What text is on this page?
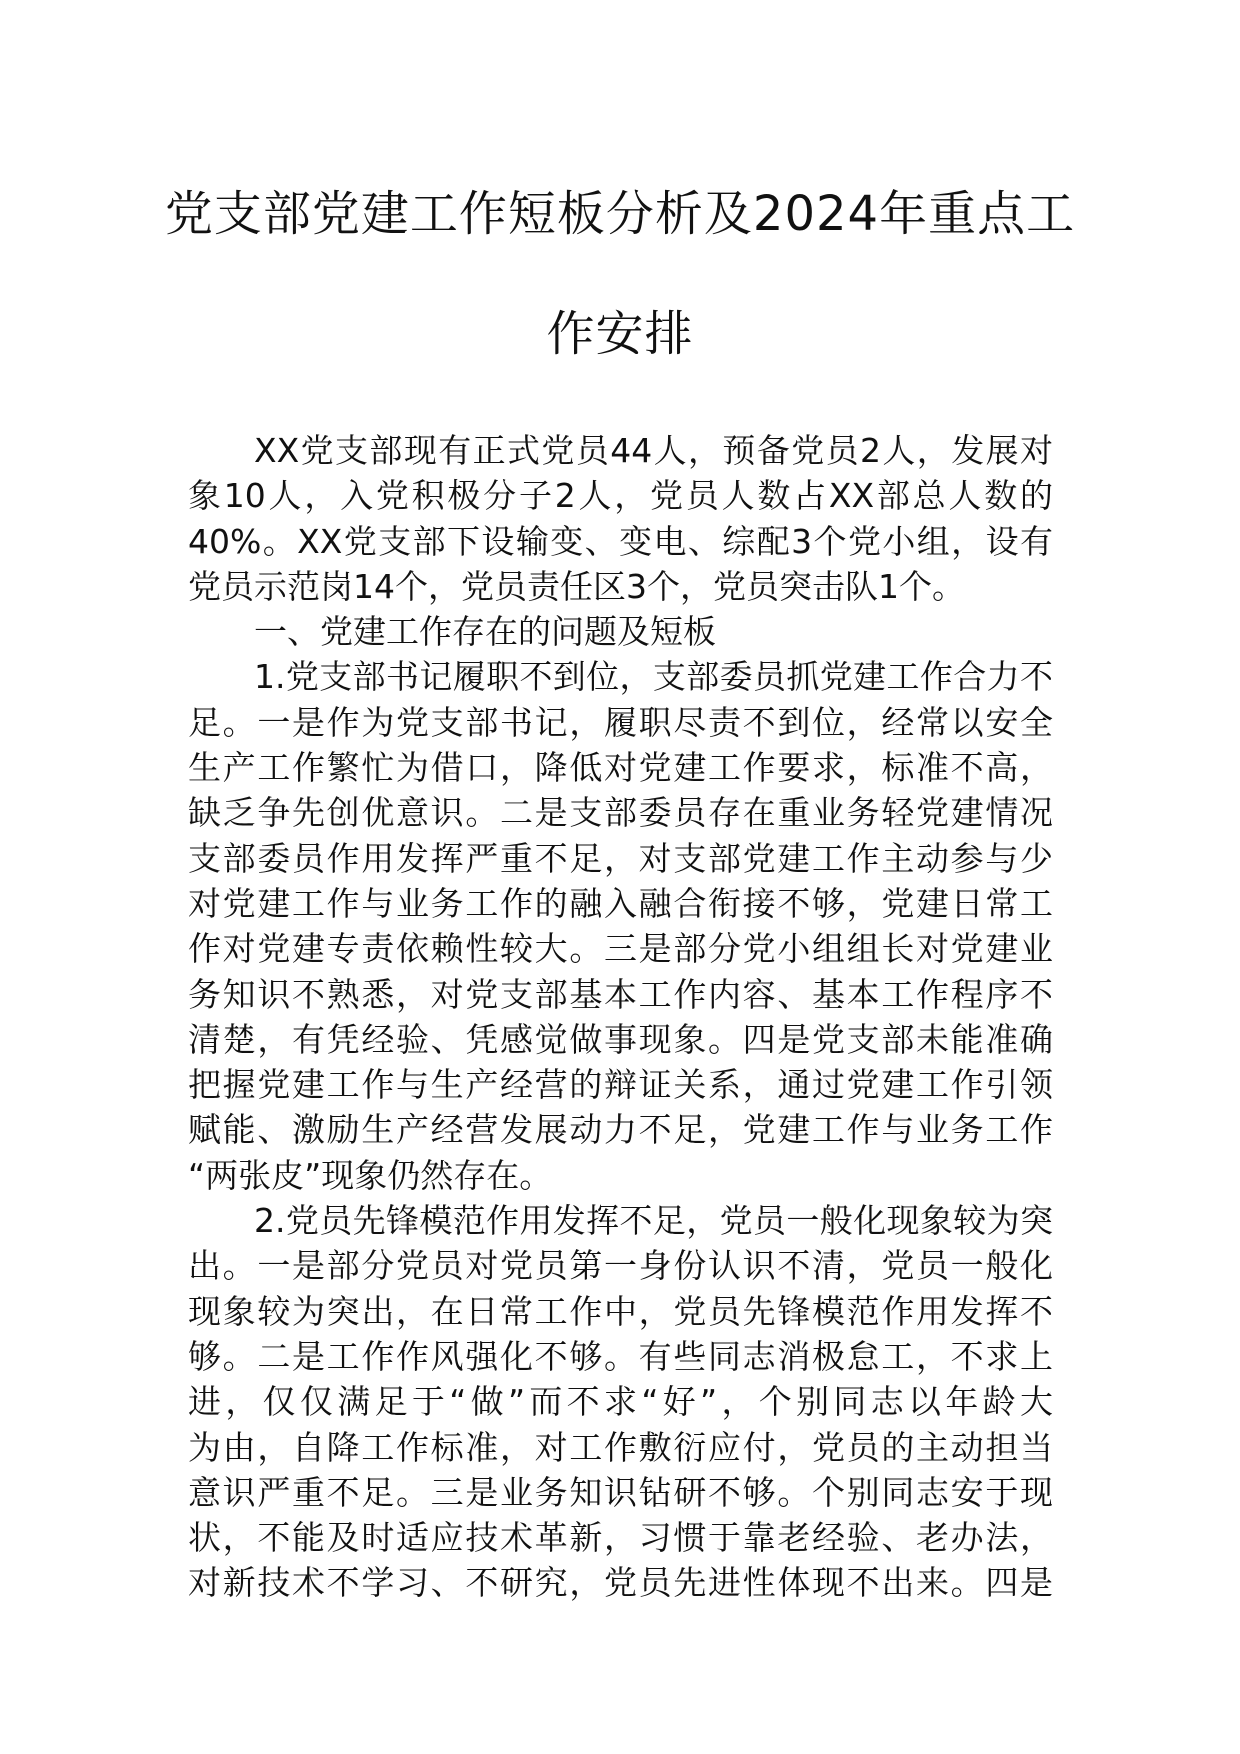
党支部党建工作短板分析及2024年重点工
作安排
XX党支部现有正式党员44人，预备党员2人，发展对
象10人，入党积极分子2人，党员人数占XX部总人数的
40%。XX党支部下设输变、变电、综配3个党小组，设有
党员示范岗14个，党员责任区3个，党员突击队1个。
一、党建工作存在的问题及短板
1.党支部书记履职不到位，支部委员抓党建工作合力不
足。一是作为党支部书记，履职尽责不到位，经常以安全
生产工作繁忙为借口，降低对党建工作要求，标准不高，
缺乏争先创优意识。二是支部委员存在重业务轻党建情况
支部委员作用发挥严重不足，对支部党建工作主动参与少
对党建工作与业务工作的融入融合衔接不够，党建日常工
作对党建专责依赖性较大。三是部分党小组组长对党建业
务知识不熟悉，对党支部基本工作内容、基本工作程序不
清楚，有凭经验、凭感觉做事现象。四是党支部未能准确
把握党建工作与生产经营的辩证关系，通过党建工作引领
赋能、激励生产经营发展动力不足，党建工作与业务工作
“两张皮”现象仍然存在。
2.党员先锋模范作用发挥不足，党员一般化现象较为突
出。一是部分党员对党员第一身份认识不清，党员一般化
现象较为突出，在日常工作中，党员先锋模范作用发挥不
够。二是工作作风强化不够。有些同志消极怠工，不求上
进，仅仅满足于“做”而不求“好”，个别同志以年龄大
为由，自降工作标准，对工作敷衍应付，党员的主动担当
意识严重不足。三是业务知识钻研不够。个别同志安于现
状，不能及时适应技术革新，习惯于靠老经验、老办法，
对新技术不学习、不研究，党员先进性体现不出来。四是
